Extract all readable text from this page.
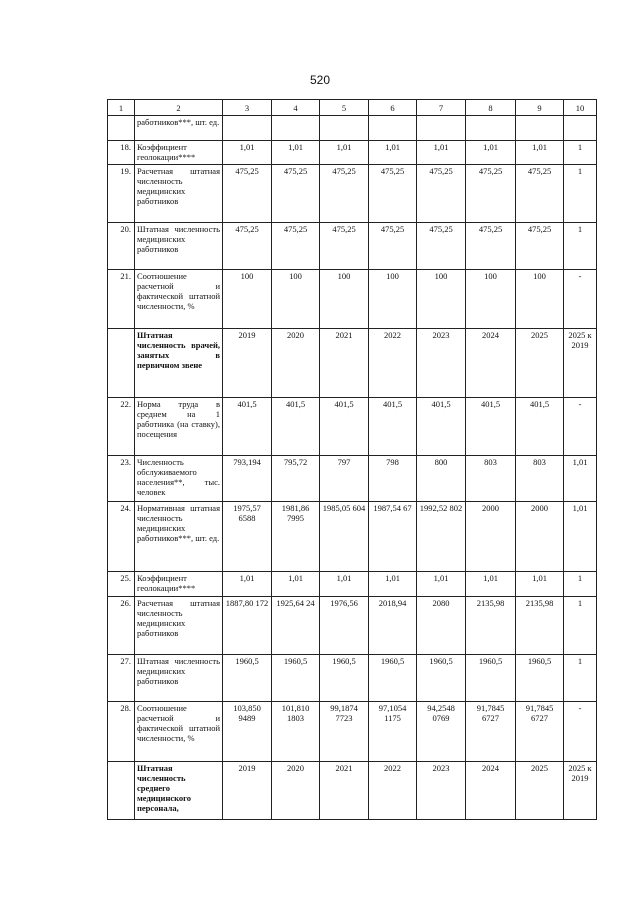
520
1	2	3	4	5	6	7	8	9	10
	работников***, шт. ед.								
18.	Коэффициент геолокации****	1,01	1,01	1,01	1,01	1,01	1,01	1,01	1
19.	Расчетная штатная численность медицинских работников	475,25	475,25	475,25	475,25	475,25	475,25	475,25	1
20.	Штатная численность медицинских работников	475,25	475,25	475,25	475,25	475,25	475,25	475,25	1
21.	Соотношение расчетной и фактической штатной численности, %	100	100	100	100	100	100	100	-
	Штатная численность врачей, занятых в первичном звене	2019	2020	2021	2022	2023	2024	2025	2025 к 2019
22.	Норма труда в среднем на 1 работника (на ставку), посещения	401,5	401,5	401,5	401,5	401,5	401,5	401,5	-
23.	Численность обслуживаемого населения**, тыс. человек	793,194	795,72	797	798	800	803	803	1,01
24.	Нормативная штатная численность медицинских работников***, шт. ед.	1975,57 6588	1981,86 7995	1985,05 604	1987,54 67	1992,52 802	2000	2000	1,01
25.	Коэффициент геолокации****	1,01	1,01	1,01	1,01	1,01	1,01	1,01	1
26.	Расчетная штатная численность медицинских работников	1887,80 172	1925,64 24	1976,56	2018,94	2080	2135,98	2135,98	1
27.	Штатная численность медицинских работников	1960,5	1960,5	1960,5	1960,5	1960,5	1960,5	1960,5	1
28.	Соотношение расчетной и фактической штатной численности, %	103,850 9489	101,810 1803	99,1874 7723	97,1054 1175	94,2548 0769	91,7845 6727	91,7845 6727	-
	Штатная численность среднего медицинского персонала,	2019	2020	2021	2022	2023	2024	2025	2025 к 2019
